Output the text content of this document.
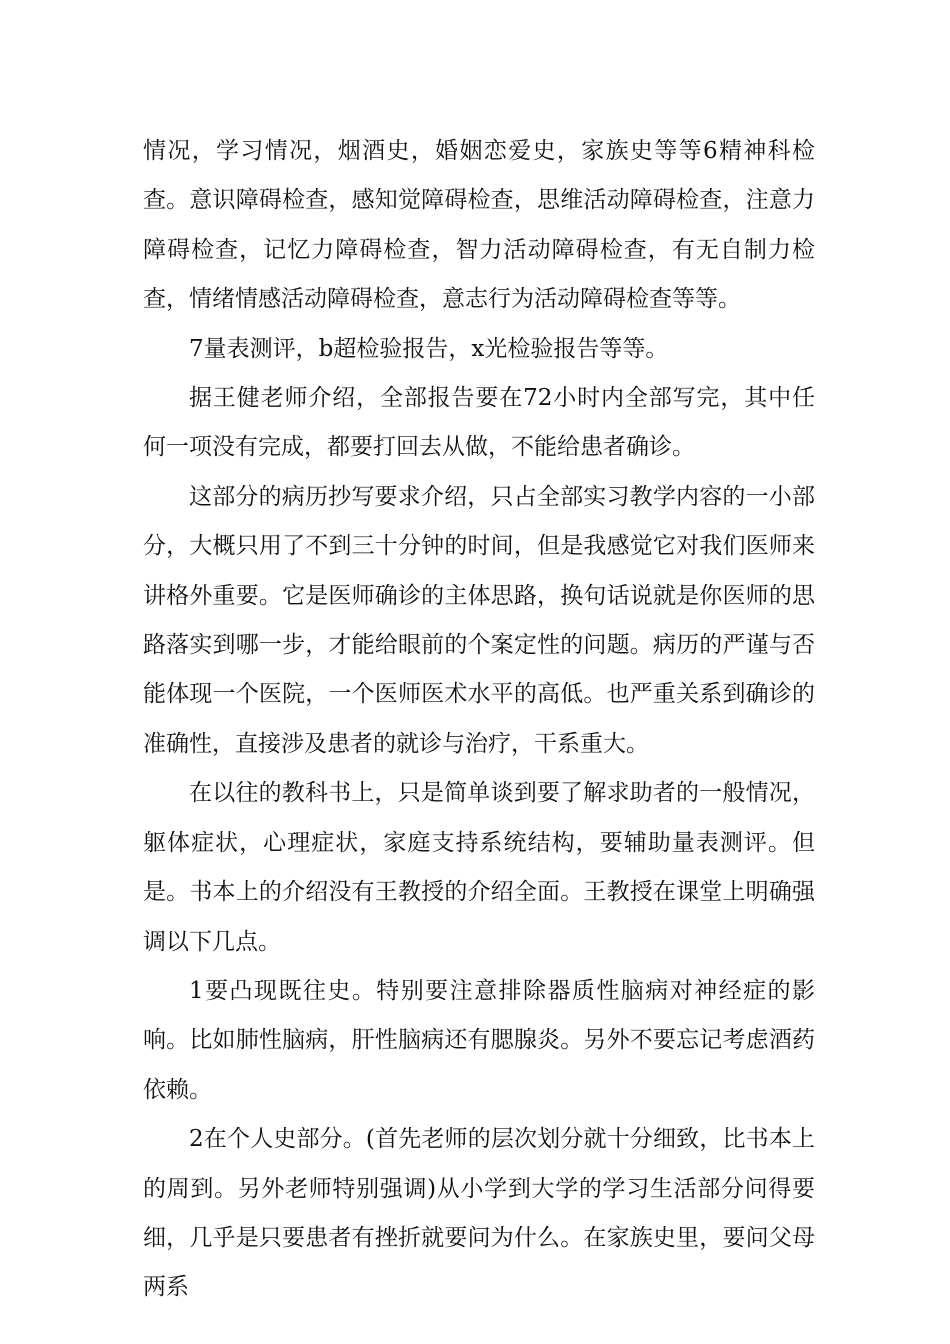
情况，学习情况，烟酒史，婚姻恋爱史，家族史等等6精神科检查。意识障碍检查，感知觉障碍检查，思维活动障碍检查，注意力障碍检查，记忆力障碍检查，智力活动障碍检查，有无自制力检查，情绪情感活动障碍检查，意志行为活动障碍检查等等。

7量表测评，b超检验报告，x光检验报告等等。

据王健老师介绍，全部报告要在72小时内全部写完，其中任何一项没有完成，都要打回去从做，不能给患者确诊。

这部分的病历抄写要求介绍，只占全部实习教学内容的一小部分，大概只用了不到三十分钟的时间，但是我感觉它对我们医师来讲格外重要。它是医师确诊的主体思路，换句话说就是你医师的思路落实到哪一步，才能给眼前的个案定性的问题。病历的严谨与否能体现一个医院，一个医师医术水平的高低。也严重关系到确诊的准确性，直接涉及患者的就诊与治疗，干系重大。

在以往的教科书上，只是简单谈到要了解求助者的一般情况，躯体症状，心理症状，家庭支持系统结构，要辅助量表测评。但是。书本上的介绍没有王教授的介绍全面。王教授在课堂上明确强调以下几点。

1要凸现既往史。特别要注意排除器质性脑病对神经症的影响。比如肺性脑病，肝性脑病还有腮腺炎。另外不要忘记考虑酒药依赖。

2在个人史部分。(首先老师的层次划分就十分细致，比书本上的周到。另外老师特别强调)从小学到大学的学习生活部分问得要细，几乎是只要患者有挫折就要问为什么。在家族史里，要问父母两系
